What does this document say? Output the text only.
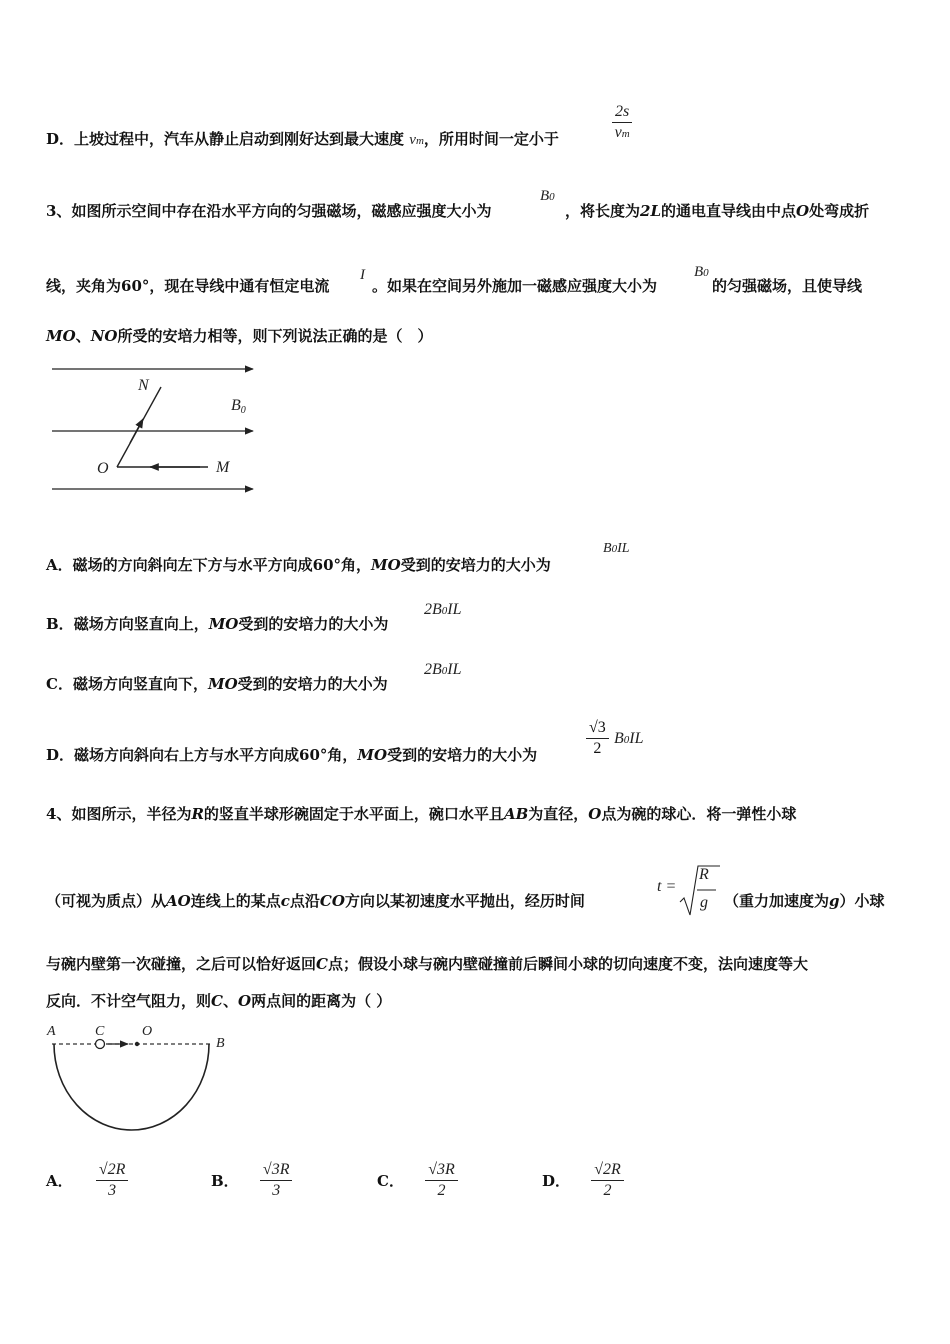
D．上坡过程中，汽车从静止启动到刚好达到最大速度 vm，所用时间一定小于	$\frac{2s}{vm}$
3、如图所示空间中存在沿水平方向的匀强磁场，磁感应强度大小为
B0
，将长度为2L的通电直导线由中点O处弯成折
线，夹角为60°，现在导线中通有恒定电流
I
。如果在空间另外施加一磁感应强度大小为
B0
的匀强磁场，且使导线
MO、NO所受的安培力相等，则下列说法正确的是（　）
N
B0
O	M
A．磁场的方向斜向左下方与水平方向成60°角，MO受到的安培力的大小为
B0IL
B．磁场方向竖直向上，MO受到的安培力的大小为
2B0IL
C．磁场方向竖直向下，MO受到的安培力的大小为
2B0IL
D．磁场方向斜向右上方与水平方向成60°角，MO受到的安培力的大小为	$\frac{√3}{2} B0IL$
4、如图所示，半径为R的竖直半球形碗固定于水平面上，碗口水平且AB为直径，O点为碗的球心．将一弹性小球
（可视为质点）从AO连线上的某点c点沿CO方向以某初速度水平抛出，经历时间
t =
R
g （重力加速度为g）小球
与碗内壁第一次碰撞，之后可以恰好返回C点；假设小球与碗内壁碰撞前后瞬间小球的切向速度不变，法向速度等大
反向．不计空气阻力，则C、O两点间的距离为（ ）
A	C	O
B
A． $\frac{√2R}{3}$	B． $\frac{√3R}{3}$	C． $\frac{√3R}{2}$	D． $\frac{√2R}{2}$
